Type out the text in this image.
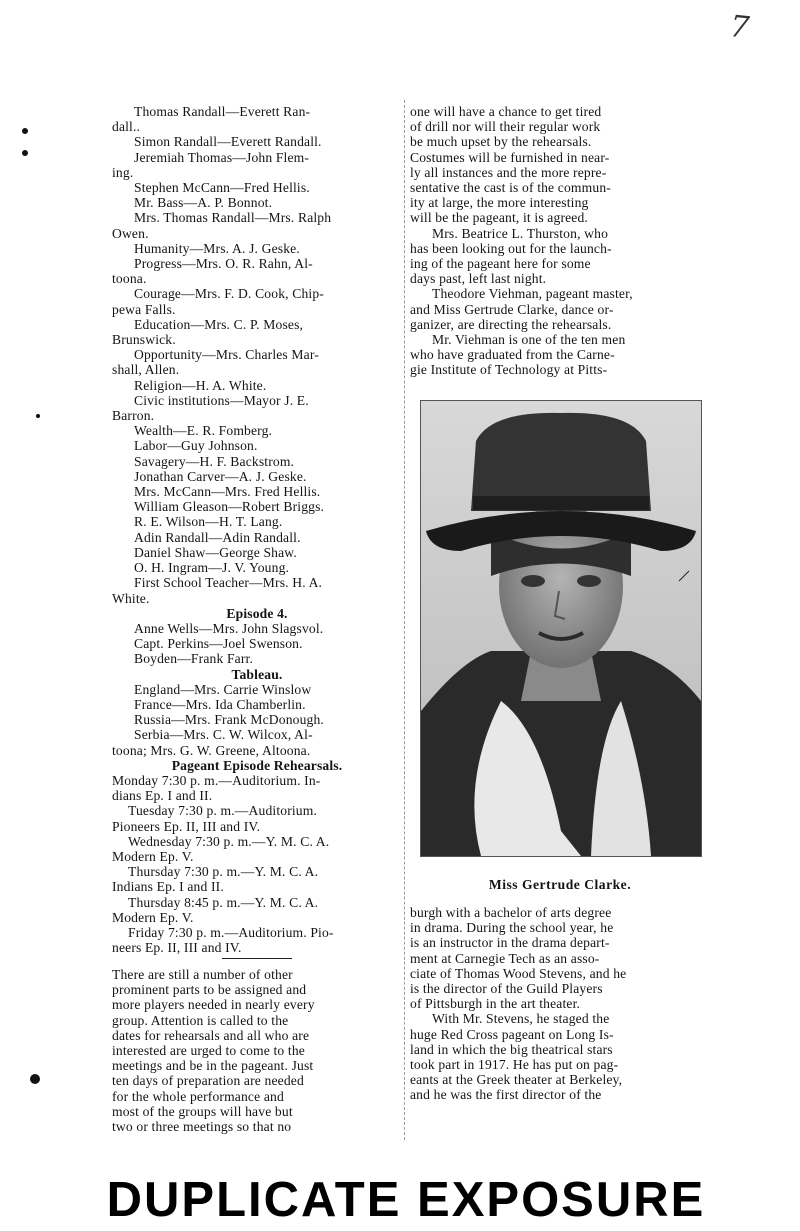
7
Thomas Randall—Everett Ran-
dall..
Simon Randall—Everett Randall.
Jeremiah Thomas—John Flem-
ing.
Stephen McCann—Fred Hellis.
Mr. Bass—A. P. Bonnot.
Mrs. Thomas Randall—Mrs. Ralph
Owen.
Humanity—Mrs. A. J. Geske.
Progress—Mrs. O. R. Rahn, Al-
toona.
Courage—Mrs. F. D. Cook, Chip-
pewa Falls.
Education—Mrs. C. P. Moses,
Brunswick.
Opportunity—Mrs. Charles Mar-
shall, Allen.
Religion—H. A. White.
Civic institutions—Mayor J. E.
Barron.
Wealth—E. R. Fomberg.
Labor—Guy Johnson.
Savagery—H. F. Backstrom.
Jonathan Carver—A. J. Geske.
Mrs. McCann—Mrs. Fred Hellis.
William Gleason—Robert Briggs.
R. E. Wilson—H. T. Lang.
Adin Randall—Adin Randall.
Daniel Shaw—George Shaw.
O. H. Ingram—J. V. Young.
First School Teacher—Mrs. H. A.
White.
Episode 4.
Anne Wells—Mrs. John Slagsvol.
Capt. Perkins—Joel Swenson.
Boyden—Frank Farr.
Tableau.
England—Mrs. Carrie Winslow
France—Mrs. Ida Chamberlin.
Russia—Mrs. Frank McDonough.
Serbia—Mrs. C. W. Wilcox, Al-
toona; Mrs. G. W. Greene, Altoona.
Pageant Episode Rehearsals.
Monday 7:30 p. m.—Auditorium. In-
dians Ep. I and II.
Tuesday 7:30 p. m.—Auditorium.
Pioneers Ep. II, III and IV.
Wednesday 7:30 p. m.—Y. M. C. A.
Modern Ep. V.
Thursday 7:30 p. m.—Y. M. C. A.
Indians Ep. I and II.
Thursday 8:45 p. m.—Y. M. C. A.
Modern Ep. V.
Friday 7:30 p. m.—Auditorium. Pio-
neers Ep. II, III and IV.
There are still a number of other
prominent parts to be assigned and
more players needed in nearly every
group. Attention is called to the
dates for rehearsals and all who are
interested are urged to come to the
meetings and be in the pageant. Just
ten days of preparation are needed
for the whole performance and
most of the groups will have but
two or three meetings so that no
one will have a chance to get tired
of drill nor will their regular work
be much upset by the rehearsals.
Costumes will be furnished in near-
ly all instances and the more repre-
sentative the cast is of the commun-
ity at large, the more interesting
will be the pageant, it is agreed.
Mrs. Beatrice L. Thurston, who
has been looking out for the launch-
ing of the pageant here for some
days past, left last night.
Theodore Viehman, pageant master,
and Miss Gertrude Clarke, dance or-
ganizer, are directing the rehearsals.
Mr. Viehman is one of the ten men
who have graduated from the Carne-
gie Institute of Technology at Pitts-
Miss Gertrude Clarke.
burgh with a bachelor of arts degree
in drama. During the school year, he
is an instructor in the drama depart-
ment at Carnegie Tech as an asso-
ciate of Thomas Wood Stevens, and he
is the director of the Guild Players
of Pittsburgh in the art theater.
With Mr. Stevens, he staged the
huge Red Cross pageant on Long Is-
land in which the big theatrical stars
took part in 1917. He has put on pag-
eants at the Greek theater at Berkeley,
and he was the first director of the
DUPLICATE EXPOSURE
